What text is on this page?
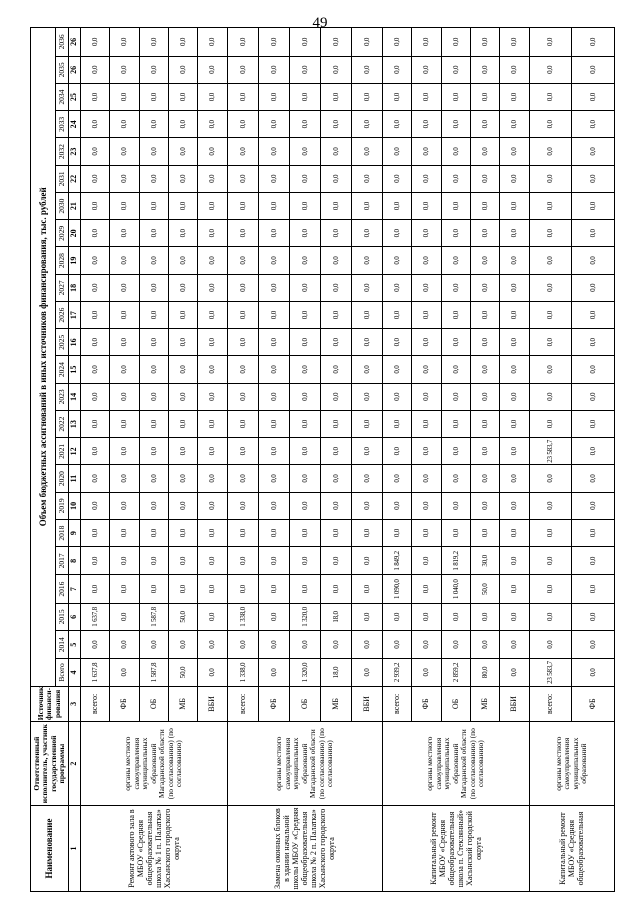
49
Наименование	Ответственный исполнитель, участник государственной программы	Источник финанси-рования	Объем бюджетных ассигнований в иных источников финансирования, тыс. рублей																							
			Всего	2014	2015	2016	2017	2018	2019	2020	2021	2022	2023	2024	2025	2026	2027	2028	2029	2030	2031	2032	2033	2034	2035	2036
1	2	3	4	5	6	7	8	9	10	11	12	13	14	15	16	17	18	19	20	21	22	23	24	25	26	26
Ремонт актового зала в МБОУ «Средняя общеобразовательная школа № 1 п. Палатка» Хасынского городского округа	органы местного самоуправления муниципальных образований Магаданской области (по согласованию) (по согласованию)	всего:	1 637,8	0,0	1 637,8	0,0	0,0	0,0	0,0	0,0	0,0	0,0	0,0	0,0	0,0	0,0	0,0	0,0	0,0	0,0	0,0	0,0	0,0	0,0	0,0	0,0
		ФБ	0,0	0,0	0,0	0,0	0,0	0,0	0,0	0,0	0,0	0,0	0,0	0,0	0,0	0,0	0,0	0,0	0,0	0,0	0,0	0,0	0,0	0,0	0,0	0,0
		ОБ	1 587,8	0,0	1 587,8	0,0	0,0	0,0	0,0	0,0	0,0	0,0	0,0	0,0	0,0	0,0	0,0	0,0	0,0	0,0	0,0	0,0	0,0	0,0	0,0	0,0
		МБ	50,0	0,0	50,0	0,0	0,0	0,0	0,0	0,0	0,0	0,0	0,0	0,0	0,0	0,0	0,0	0,0	0,0	0,0	0,0	0,0	0,0	0,0	0,0	0,0
		ВБИ	0,0	0,0	0,0	0,0	0,0	0,0	0,0	0,0	0,0	0,0	0,0	0,0	0,0	0,0	0,0	0,0	0,0	0,0	0,0	0,0	0,0	0,0	0,0	0,0
Замена оконных блоков в здании начальной школы МБОУ «Средняя общеобразовательная школа № 2 п. Палатка» Хасынского городского округа	органы местного самоуправления муниципальных образований Магаданской области (по согласованию) (по согласованию)	всего:	1 338,0	0,0	1 338,0	0,0	0,0	0,0	0,0	0,0	0,0	0,0	0,0	0,0	0,0	0,0	0,0	0,0	0,0	0,0	0,0	0,0	0,0	0,0	0,0	0,0
		ФБ	0,0	0,0	0,0	0,0	0,0	0,0	0,0	0,0	0,0	0,0	0,0	0,0	0,0	0,0	0,0	0,0	0,0	0,0	0,0	0,0	0,0	0,0	0,0	0,0
		ОБ	1 320,0	0,0	1 320,0	0,0	0,0	0,0	0,0	0,0	0,0	0,0	0,0	0,0	0,0	0,0	0,0	0,0	0,0	0,0	0,0	0,0	0,0	0,0	0,0	0,0
		МБ	18,0	0,0	18,0	0,0	0,0	0,0	0,0	0,0	0,0	0,0	0,0	0,0	0,0	0,0	0,0	0,0	0,0	0,0	0,0	0,0	0,0	0,0	0,0	0,0
		ВБИ	0,0	0,0	0,0	0,0	0,0	0,0	0,0	0,0	0,0	0,0	0,0	0,0	0,0	0,0	0,0	0,0	0,0	0,0	0,0	0,0	0,0	0,0	0,0	0,0
Капитальный ремонт МБОУ «Средняя общеобразовательная школа п. Стеклянный» Хасынский городской округа	органы местного самоуправления муниципальных образований Магаданской области (по согласованию) (по согласованию)	всего:	2 939,2	0,0	0,0	1 090,0	1 849,2	0,0	0,0	0,0	0,0	0,0	0,0	0,0	0,0	0,0	0,0	0,0	0,0	0,0	0,0	0,0	0,0	0,0	0,0	0,0
		ФБ	0,0	0,0	0,0	0,0	0,0	0,0	0,0	0,0	0,0	0,0	0,0	0,0	0,0	0,0	0,0	0,0	0,0	0,0	0,0	0,0	0,0	0,0	0,0	0,0
		ОБ	2 859,2	0,0	0,0	1 040,0	1 819,2	0,0	0,0	0,0	0,0	0,0	0,0	0,0	0,0	0,0	0,0	0,0	0,0	0,0	0,0	0,0	0,0	0,0	0,0	0,0
		МБ	80,0	0,0	0,0	50,0	30,0	0,0	0,0	0,0	0,0	0,0	0,0	0,0	0,0	0,0	0,0	0,0	0,0	0,0	0,0	0,0	0,0	0,0	0,0	0,0
		ВБИ	0,0	0,0	0,0	0,0	0,0	0,0	0,0	0,0	0,0	0,0	0,0	0,0	0,0	0,0	0,0	0,0	0,0	0,0	0,0	0,0	0,0	0,0	0,0	0,0
Капитальный ремонт МБОУ «Средняя общеобразовательная	органы местного самоуправления муниципальных образований	всего:	23 583,7	0,0	0,0	0,0	0,0	0,0	0,0	0,0	23 583,7	0,0	0,0	0,0	0,0	0,0	0,0	0,0	0,0	0,0	0,0	0,0	0,0	0,0	0,0	0,0
		ФБ	0,0	0,0	0,0	0,0	0,0	0,0	0,0	0,0	0,0	0,0	0,0	0,0	0,0	0,0	0,0	0,0	0,0	0,0	0,0	0,0	0,0	0,0	0,0	0,0
